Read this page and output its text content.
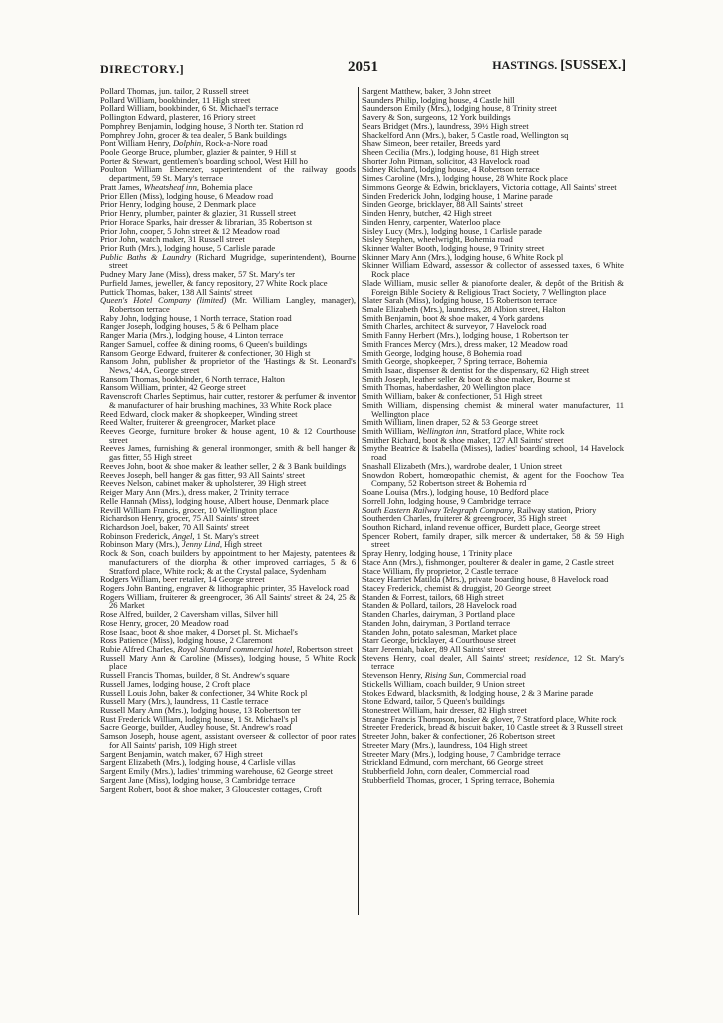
DIRECTORY.]	2051	HASTINGS. [SUSSEX.]
Pollard Thomas, jun. tailor, 2 Russell street
Pollard William, bookbinder, 11 High street
Pollard William, bookbinder, 6 St. Michael's terrace
Pollington Edward, plasterer, 16 Priory street
Pomphrey Benjamin, lodging house, 3 North ter. Station rd
Pomphrey John, grocer & tea dealer, 5 Bank buildings
Pont William Henry, Dolphin, Rock-a-Nore road
Poole George Bruce, plumber, glazier & painter, 9 Hill st
Porter & Stewart, gentlemen's boarding school, West Hill ho
Poulton William Ebenezer, superintendent of the railway goods department, 59 St. Mary's terrace
Pratt James, Wheatsheaf inn, Bohemia place
Prior Ellen (Miss), lodging house, 6 Meadow road
Prior Henry, lodging house, 2 Denmark place
Prior Henry, plumber, painter & glazier, 31 Russell street
Prior Horace Sparks, hair dresser & librarian, 35 Robertson st
Prior John, cooper, 5 John street & 12 Meadow road
Prior John, watch maker, 31 Russell street
Prior Ruth (Mrs.), lodging house, 5 Carlisle parade
Public Baths & Laundry (Richard Mugridge, superintendent), Bourne street
Pudney Mary Jane (Miss), dress maker, 57 St. Mary's ter
Purfield James, jeweller, & fancy repository, 27 White Rock place
Puttick Thomas, baker, 138 All Saints' street
Queen's Hotel Company (limited) (Mr. William Langley, manager), Robertson terrace
Raby John, lodging house, 1 North terrace, Station road
Ranger Joseph, lodging houses, 5 & 6 Pelham place
Ranger Maria (Mrs.), lodging house, 4 Linton terrace
Ranger Samuel, coffee & dining rooms, 6 Queen's buildings
Ransom George Edward, fruiterer & confectioner, 30 High st
Ransom John, publisher & proprietor of the 'Hastings & St. Leonard's News,' 44A, George street
Ransom Thomas, bookbinder, 6 North terrace, Halton
Ransom William, printer, 42 George street
Ravenscroft Charles Septimus, hair cutter, restorer & perfumer & inventor & manufacturer of hair brushing machines, 33 White Rock place
Reed Edward, clock maker & shopkeeper, Winding street
Reed Walter, fruiterer & greengrocer, Market place
Reeves George, furniture broker & house agent, 10 & 12 Courthouse street
Reeves James, furnishing & general ironmonger, smith & bell hanger & gas fitter, 55 High street
Reeves John, boot & shoe maker & leather seller, 2 & 3 Bank buildings
Reeves Joseph, bell hanger & gas fitter, 93 All Saints' street
Reeves Nelson, cabinet maker & upholsterer, 39 High street
Reiger Mary Ann (Mrs.), dress maker, 2 Trinity terrace
Relle Hannah (Miss), lodging house, Albert house, Denmark place
Revill William Francis, grocer, 10 Wellington place
Richardson Henry, grocer, 75 All Saints' street
Richardson Joel, baker, 70 All Saints' street
Robinson Frederick, Angel, 1 St. Mary's street
Robinson Mary (Mrs.), Jenny Lind, High street
Rock & Son, coach builders by appointment to her Majesty, patentees & manufacturers of the diorpha & other improved carriages, 5 & 6 Stratford place, White rock; & at the Crystal palace, Sydenham
Rodgers William, beer retailer, 14 George street
Rogers John Banting, engraver & lithographic printer, 35 Havelock road
Rogers William, fruiterer & greengrocer, 36 All Saints' street & 24, 25 & 26 Market
Rose Alfred, builder, 2 Caversham villas, Silver hill
Rose Henry, grocer, 20 Meadow road
Rose Isaac, boot & shoe maker, 4 Dorset pl. St. Michael's
Ross Patience (Miss), lodging house, 2 Claremont
Rubie Alfred Charles, Royal Standard commercial hotel, Robertson street
Russell Mary Ann & Caroline (Misses), lodging house, 5 White Rock place
Russell Francis Thomas, builder, 8 St. Andrew's square
Russell James, lodging house, 2 Croft place
Russell Louis John, baker & confectioner, 34 White Rock pl
Russell Mary (Mrs.), laundress, 11 Castle terrace
Russell Mary Ann (Mrs.), lodging house, 13 Robertson ter
Rust Frederick William, lodging house, 1 St. Michael's pl
Sacre George, builder, Audley house, St. Andrew's road
Samson Joseph, house agent, assistant overseer & collector of poor rates for All Saints' parish, 109 High street
Sargent Benjamin, watch maker, 67 High street
Sargent Elizabeth (Mrs.), lodging house, 4 Carlisle villas
Sargent Emily (Mrs.), ladies' trimming warehouse, 62 George street
Sargent Jane (Miss), lodging house, 3 Cambridge terrace
Sargent Robert, boot & shoe maker, 3 Gloucester cottages, Croft
Sargent Matthew, baker, 3 John street
Saunders Philip, lodging house, 4 Castle hill
Saunderson Emily (Mrs.), lodging house, 8 Trinity street
Savery & Son, surgeons, 12 York buildings
Sears Bridget (Mrs.), laundress, 39½ High street
Shackelford Ann (Mrs.), baker, 5 Castle road, Wellington sq
Shaw Simeon, beer retailer, Breeds yard
Sheen Cecilia (Mrs.), lodging house, 81 High street
Shorter John Pitman, solicitor, 43 Havelock road
Sidney Richard, lodging house, 4 Robertson terrace
Simes Caroline (Mrs.), lodging house, 28 White Rock place
Simmons George & Edwin, bricklayers, Victoria cottage, All Saints' street
Sinden Frederick John, lodging house, 1 Marine parade
Sinden George, bricklayer, 88 All Saints' street
Sinden Henry, butcher, 42 High street
Sinden Henry, carpenter, Waterloo place
Sisley Lucy (Mrs.), lodging house, 1 Carlisle parade
Sisley Stephen, wheelwright, Bohemia road
Skinner Walter Booth, lodging house, 9 Trinity street
Skinner Mary Ann (Mrs.), lodging house, 6 White Rock pl
Skinner William Edward, assessor & collector of assessed taxes, 6 White Rock place
Slade William, music seller & pianoforte dealer, & depôt of the British & Foreign Bible Society & Religious Tract Society, 7 Wellington place
Slater Sarah (Miss), lodging house, 15 Robertson terrace
Smale Elizabeth (Mrs.), laundress, 28 Albion street, Halton
Smith Benjamin, boot & shoe maker, 4 York gardens
Smith Charles, architect & surveyor, 7 Havelock road
Smith Fanny Herbert (Mrs.), lodging house, 1 Robertson ter
Smith Frances Mercy (Mrs.), dress maker, 12 Meadow road
Smith George, lodging house, 8 Bohemia road
Smith George, shopkeeper, 7 Spring terrace, Bohemia
Smith Isaac, dispenser & dentist for the dispensary, 62 High street
Smith Joseph, leather seller & boot & shoe maker, Bourne st
Smith Thomas, haberdasher, 20 Wellington place
Smith William, baker & confectioner, 51 High street
Smith William, dispensing chemist & mineral water manufacturer, 11 Wellington place
Smith William, linen draper, 52 & 53 George street
Smith William, Wellington inn, Stratford place, White rock
Smither Richard, boot & shoe maker, 127 All Saints' street
Smythe Beatrice & Isabella (Misses), ladies' boarding school, 14 Havelock road
Snashall Elizabeth (Mrs.), wardrobe dealer, 1 Union street
Snowdon Robert, homœopathic chemist, & agent for the Foochow Tea Company, 52 Robertson street & Bohemia rd
Soane Louisa (Mrs.), lodging house, 10 Bedford place
Sorrell John, lodging house, 9 Cambridge terrace
South Eastern Railway Telegraph Company, Railway station, Priory
Southerden Charles, fruiterer & greengrocer, 35 High street
Southon Richard, inland revenue officer, Burdett place, George street
Spencer Robert, family draper, silk mercer & undertaker, 58 & 59 High street
Spray Henry, lodging house, 1 Trinity place
Stace Ann (Mrs.), fishmonger, poulterer & dealer in game, 2 Castle street
Stace William, fly proprietor, 2 Castle terrace
Stacey Harriet Matilda (Mrs.), private boarding house, 8 Havelock road
Stacey Frederick, chemist & druggist, 20 George street
Standen & Forrest, tailors, 68 High street
Standen & Pollard, tailors, 28 Havelock road
Standen Charles, dairyman, 3 Portland place
Standen John, dairyman, 3 Portland terrace
Standen John, potato salesman, Market place
Starr George, bricklayer, 4 Courthouse street
Starr Jeremiah, baker, 89 All Saints' street
Stevens Henry, coal dealer, All Saints' street; residence, 12 St. Mary's terrace
Stevenson Henry, Rising Sun, Commercial road
Stickells William, coach builder, 9 Union street
Stokes Edward, blacksmith, & lodging house, 2 & 3 Marine parade
Stone Edward, tailor, 5 Queen's buildings
Stonestreet William, hair dresser, 82 High street
Strange Francis Thompson, hosier & glover, 7 Stratford place, White rock
Streeter Frederick, bread & biscuit baker, 10 Castle street & 3 Russell street
Streeter John, baker & confectioner, 26 Robertson street
Streeter Mary (Mrs.), laundress, 104 High street
Streeter Mary (Mrs.), lodging house, 7 Cambridge terrace
Strickland Edmund, corn merchant, 66 George street
Stubberfield John, corn dealer, Commercial road
Stubberfield Thomas, grocer, 1 Spring terrace, Bohemia
